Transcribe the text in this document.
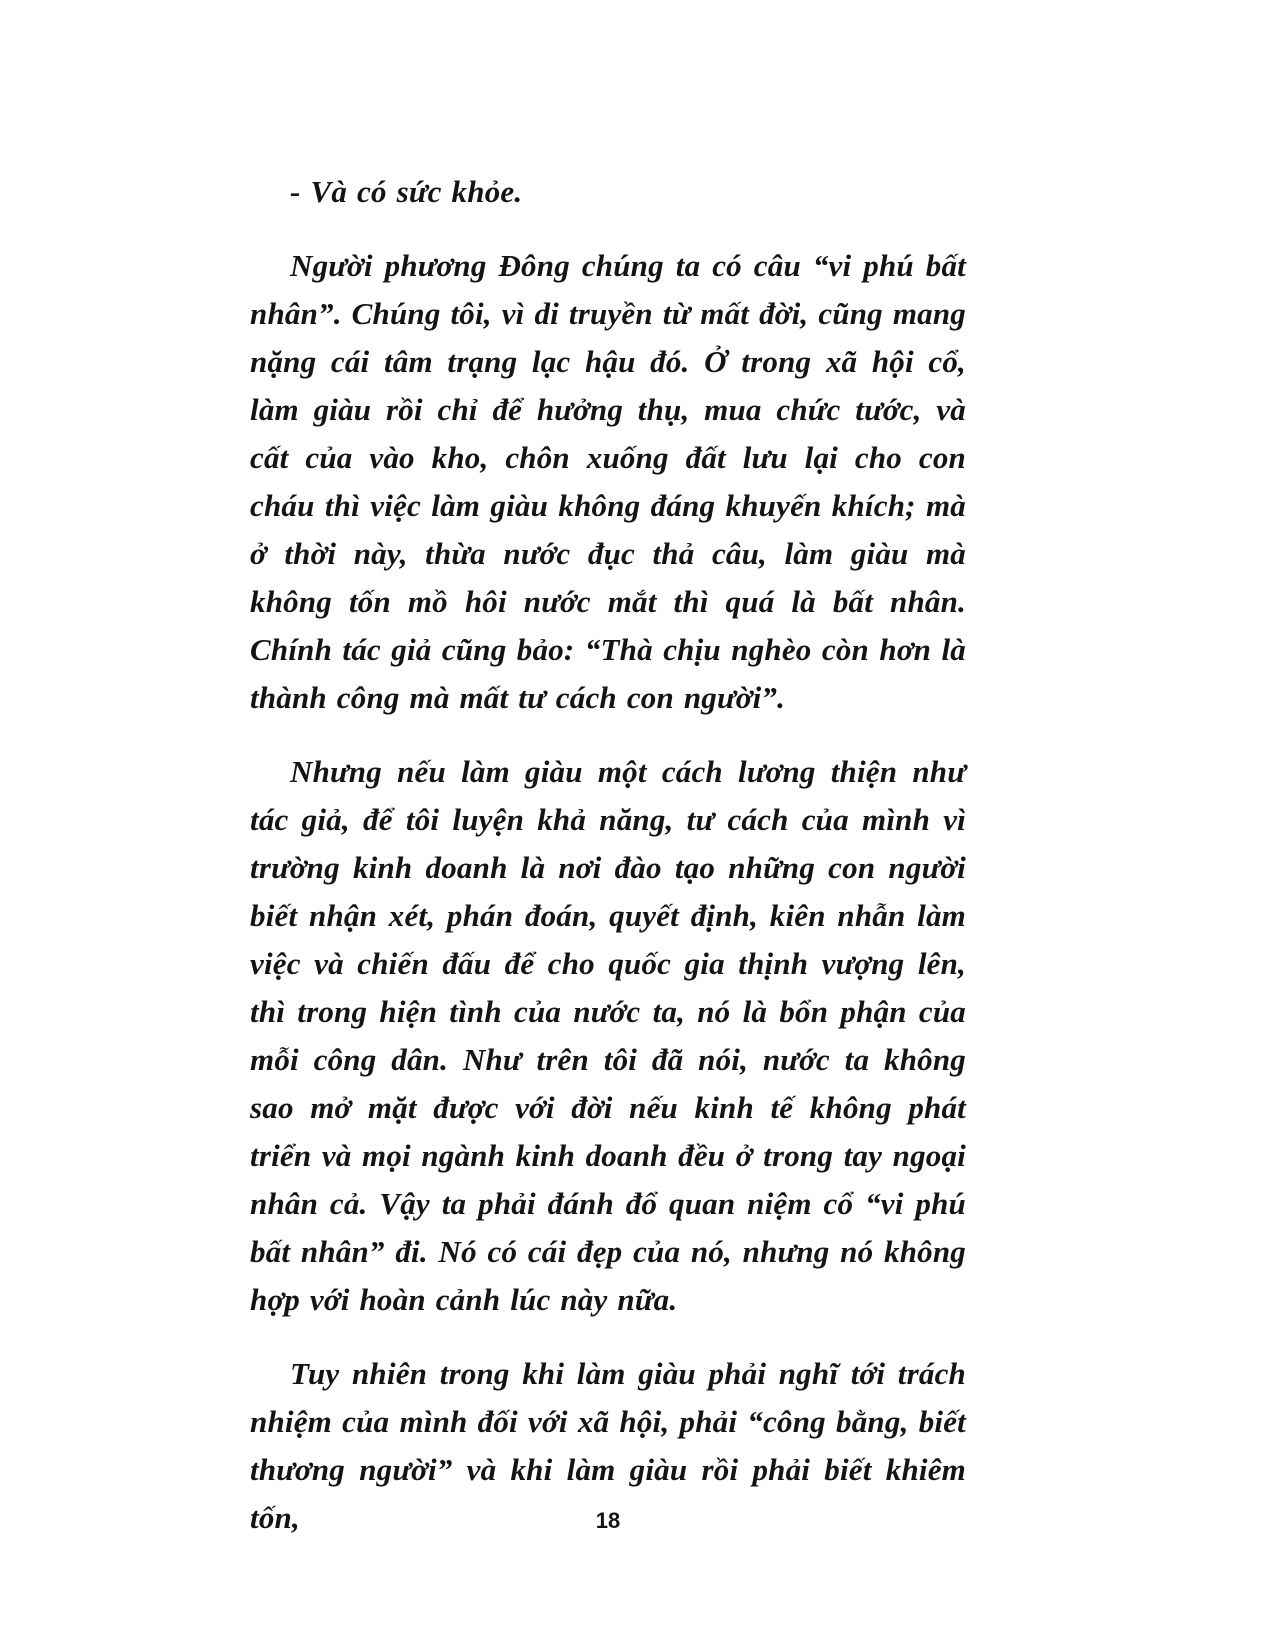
- Và có sức khỏe.

Người phương Đông chúng ta có câu “vi phú bất nhân”. Chúng tôi, vì di truyền từ mất đời, cũng mang nặng cái tâm trạng lạc hậu đó. Ở trong xã hội cổ, làm giàu rồi chỉ để hưởng thụ, mua chức tước, và cất của vào kho, chôn xuống đất lưu lại cho con cháu thì việc làm giàu không đáng khuyến khích; mà ở thời này, thừa nước đục thả câu, làm giàu mà không tốn mồ hôi nước mắt thì quá là bất nhân. Chính tác giả cũng bảo: “Thà chịu nghèo còn hơn là thành công mà mất tư cách con người”.

Nhưng nếu làm giàu một cách lương thiện như tác giả, để tôi luyện khả năng, tư cách của mình vì trường kinh doanh là nơi đào tạo những con người biết nhận xét, phán đoán, quyết định, kiên nhẫn làm việc và chiến đấu để cho quốc gia thịnh vượng lên, thì trong hiện tình của nước ta, nó là bổn phận của mỗi công dân. Như trên tôi đã nói, nước ta không sao mở mặt được với đời nếu kinh tế không phát triển và mọi ngành kinh doanh đều ở trong tay ngoại nhân cả. Vậy ta phải đánh đổ quan niệm cổ “vi phú bất nhân” đi. Nó có cái đẹp của nó, nhưng nó không hợp với hoàn cảnh lúc này nữa.

Tuy nhiên trong khi làm giàu phải nghĩ tới trách nhiệm của mình đối với xã hội, phải “công bằng, biết thương người” và khi làm giàu rồi phải biết khiêm tốn,	18
